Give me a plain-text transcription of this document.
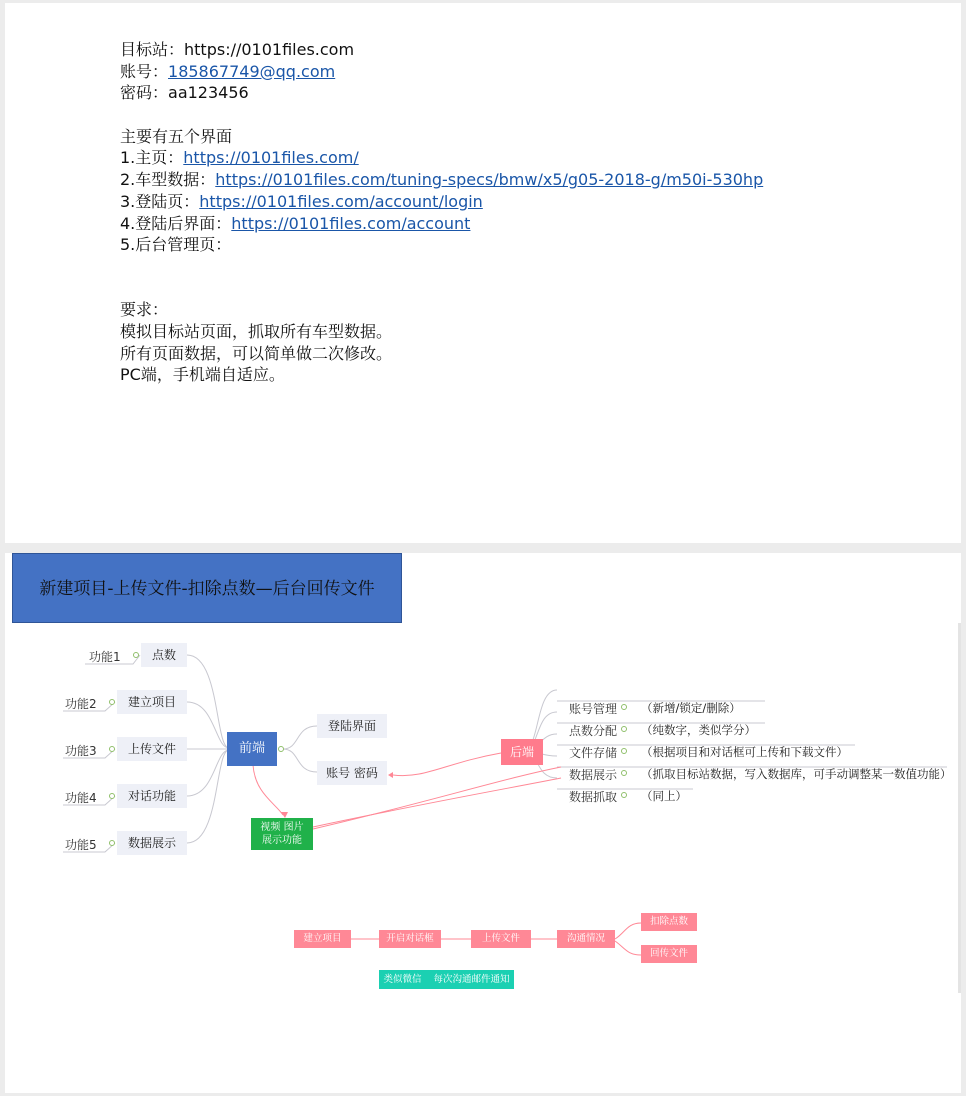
目标站：https://0101files.com
账号：185867749@qq.com
密码：aa123456
主要有五个界面
1.主页：https://0101files.com/
2.车型数据：https://0101files.com/tuning-specs/bmw/x5/g05-2018-g/m50i-530hp
3.登陆页：https://0101files.com/account/login
4.登陆后界面：https://0101files.com/account
5.后台管理页：
要求：
模拟目标站页面，抓取所有车型数据。
所有页面数据，可以简单做二次修改。
PC端，手机端自适应。
新建项目-上传文件-扣除点数—后台回传文件
功能1	点数
功能2	建立项目
功能3	上传文件
功能4	对话功能
功能5	数据展示
前端
登陆界面
账号 密码
视频 图片
展示功能
后端
账号管理 （新增/锁定/删除）
点数分配 （纯数字，类似学分）
文件存储 （根据项目和对话框可上传和下载文件）
数据展示 （抓取目标站数据，写入数据库，可手动调整某一数值功能）
数据抓取 （同上）
建立项目	开启对话框	上传文件	沟通情况
扣除点数
回传文件
类似微信    每次沟通邮件通知
